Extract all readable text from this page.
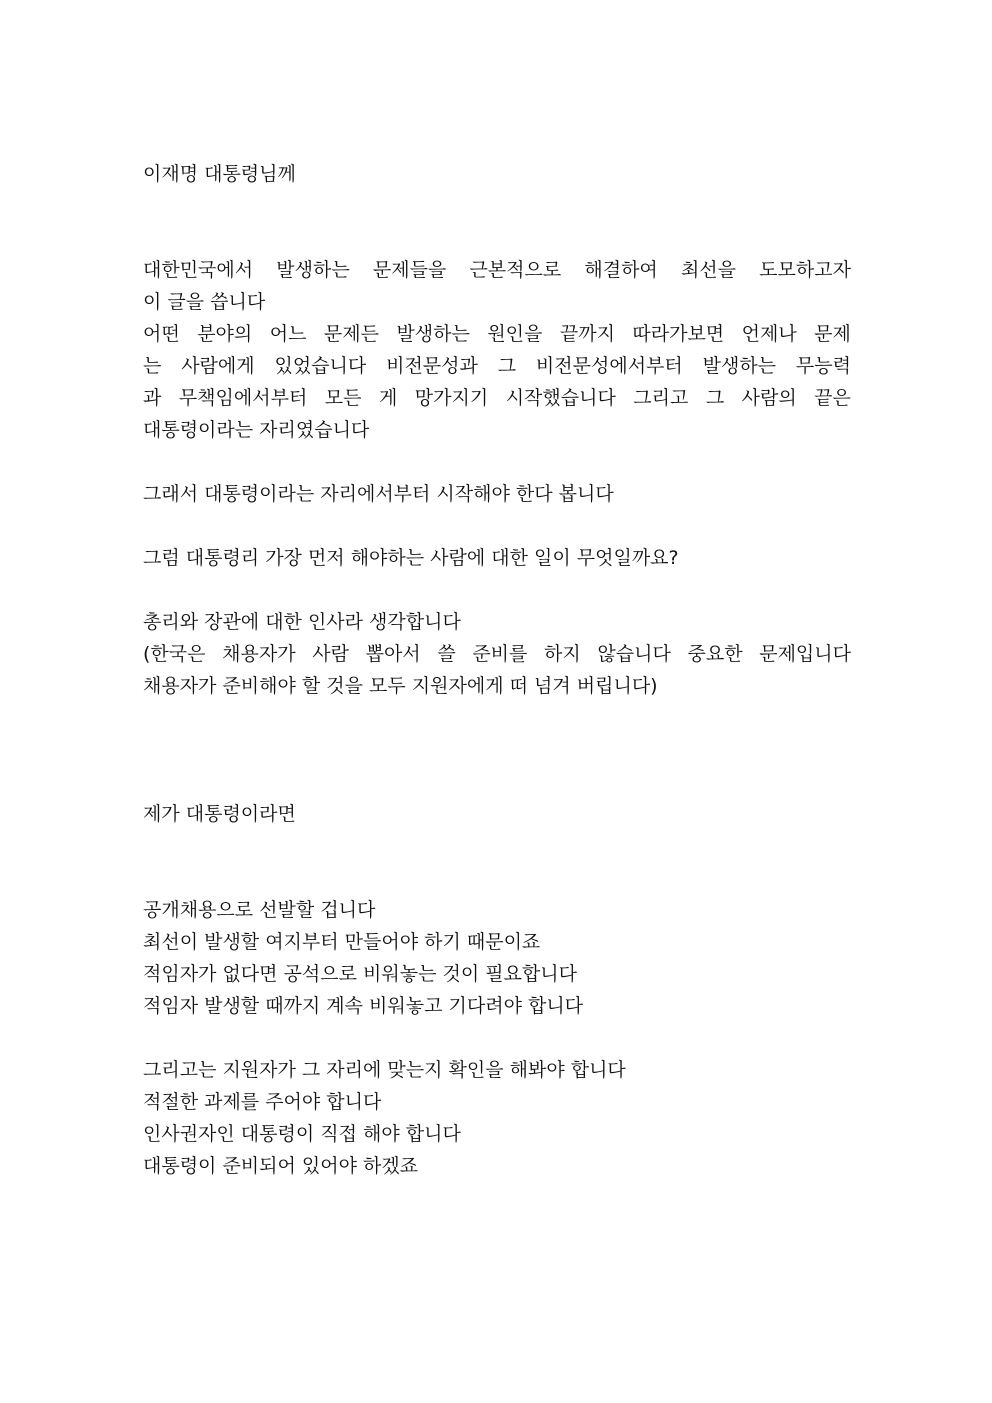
이재명 대통령님께
대한민국에서 발생하는 문제들을 근본적으로 해결하여 최선을 도모하고자
이 글을 씁니다
어떤 분야의 어느 문제든 발생하는 원인을 끝까지 따라가보면 언제나 문제
는 사람에게 있었습니다 비전문성과 그 비전문성에서부터 발생하는 무능력
과 무책임에서부터 모든 게 망가지기 시작했습니다 그리고 그 사람의 끝은
대통령이라는 자리였습니다
그래서 대통령이라는 자리에서부터 시작해야 한다 봅니다
그럼 대통령리 가장 먼저 해야하는 사람에 대한 일이 무엇일까요?
총리와 장관에 대한 인사라 생각합니다
(한국은 채용자가 사람 뽑아서 쓸 준비를 하지 않습니다 중요한 문제입니다
채용자가 준비해야 할 것을 모두 지원자에게 떠 넘겨 버립니다)
제가 대통령이라면
공개채용으로 선발할 겁니다
최선이 발생할 여지부터 만들어야 하기 때문이죠
적임자가 없다면 공석으로 비워놓는 것이 필요합니다
적임자 발생할 때까지 계속 비워놓고 기다려야 합니다
그리고는 지원자가 그 자리에 맞는지 확인을 해봐야 합니다
적절한 과제를 주어야 합니다
인사권자인 대통령이 직접 해야 합니다
대통령이 준비되어 있어야 하겠죠
